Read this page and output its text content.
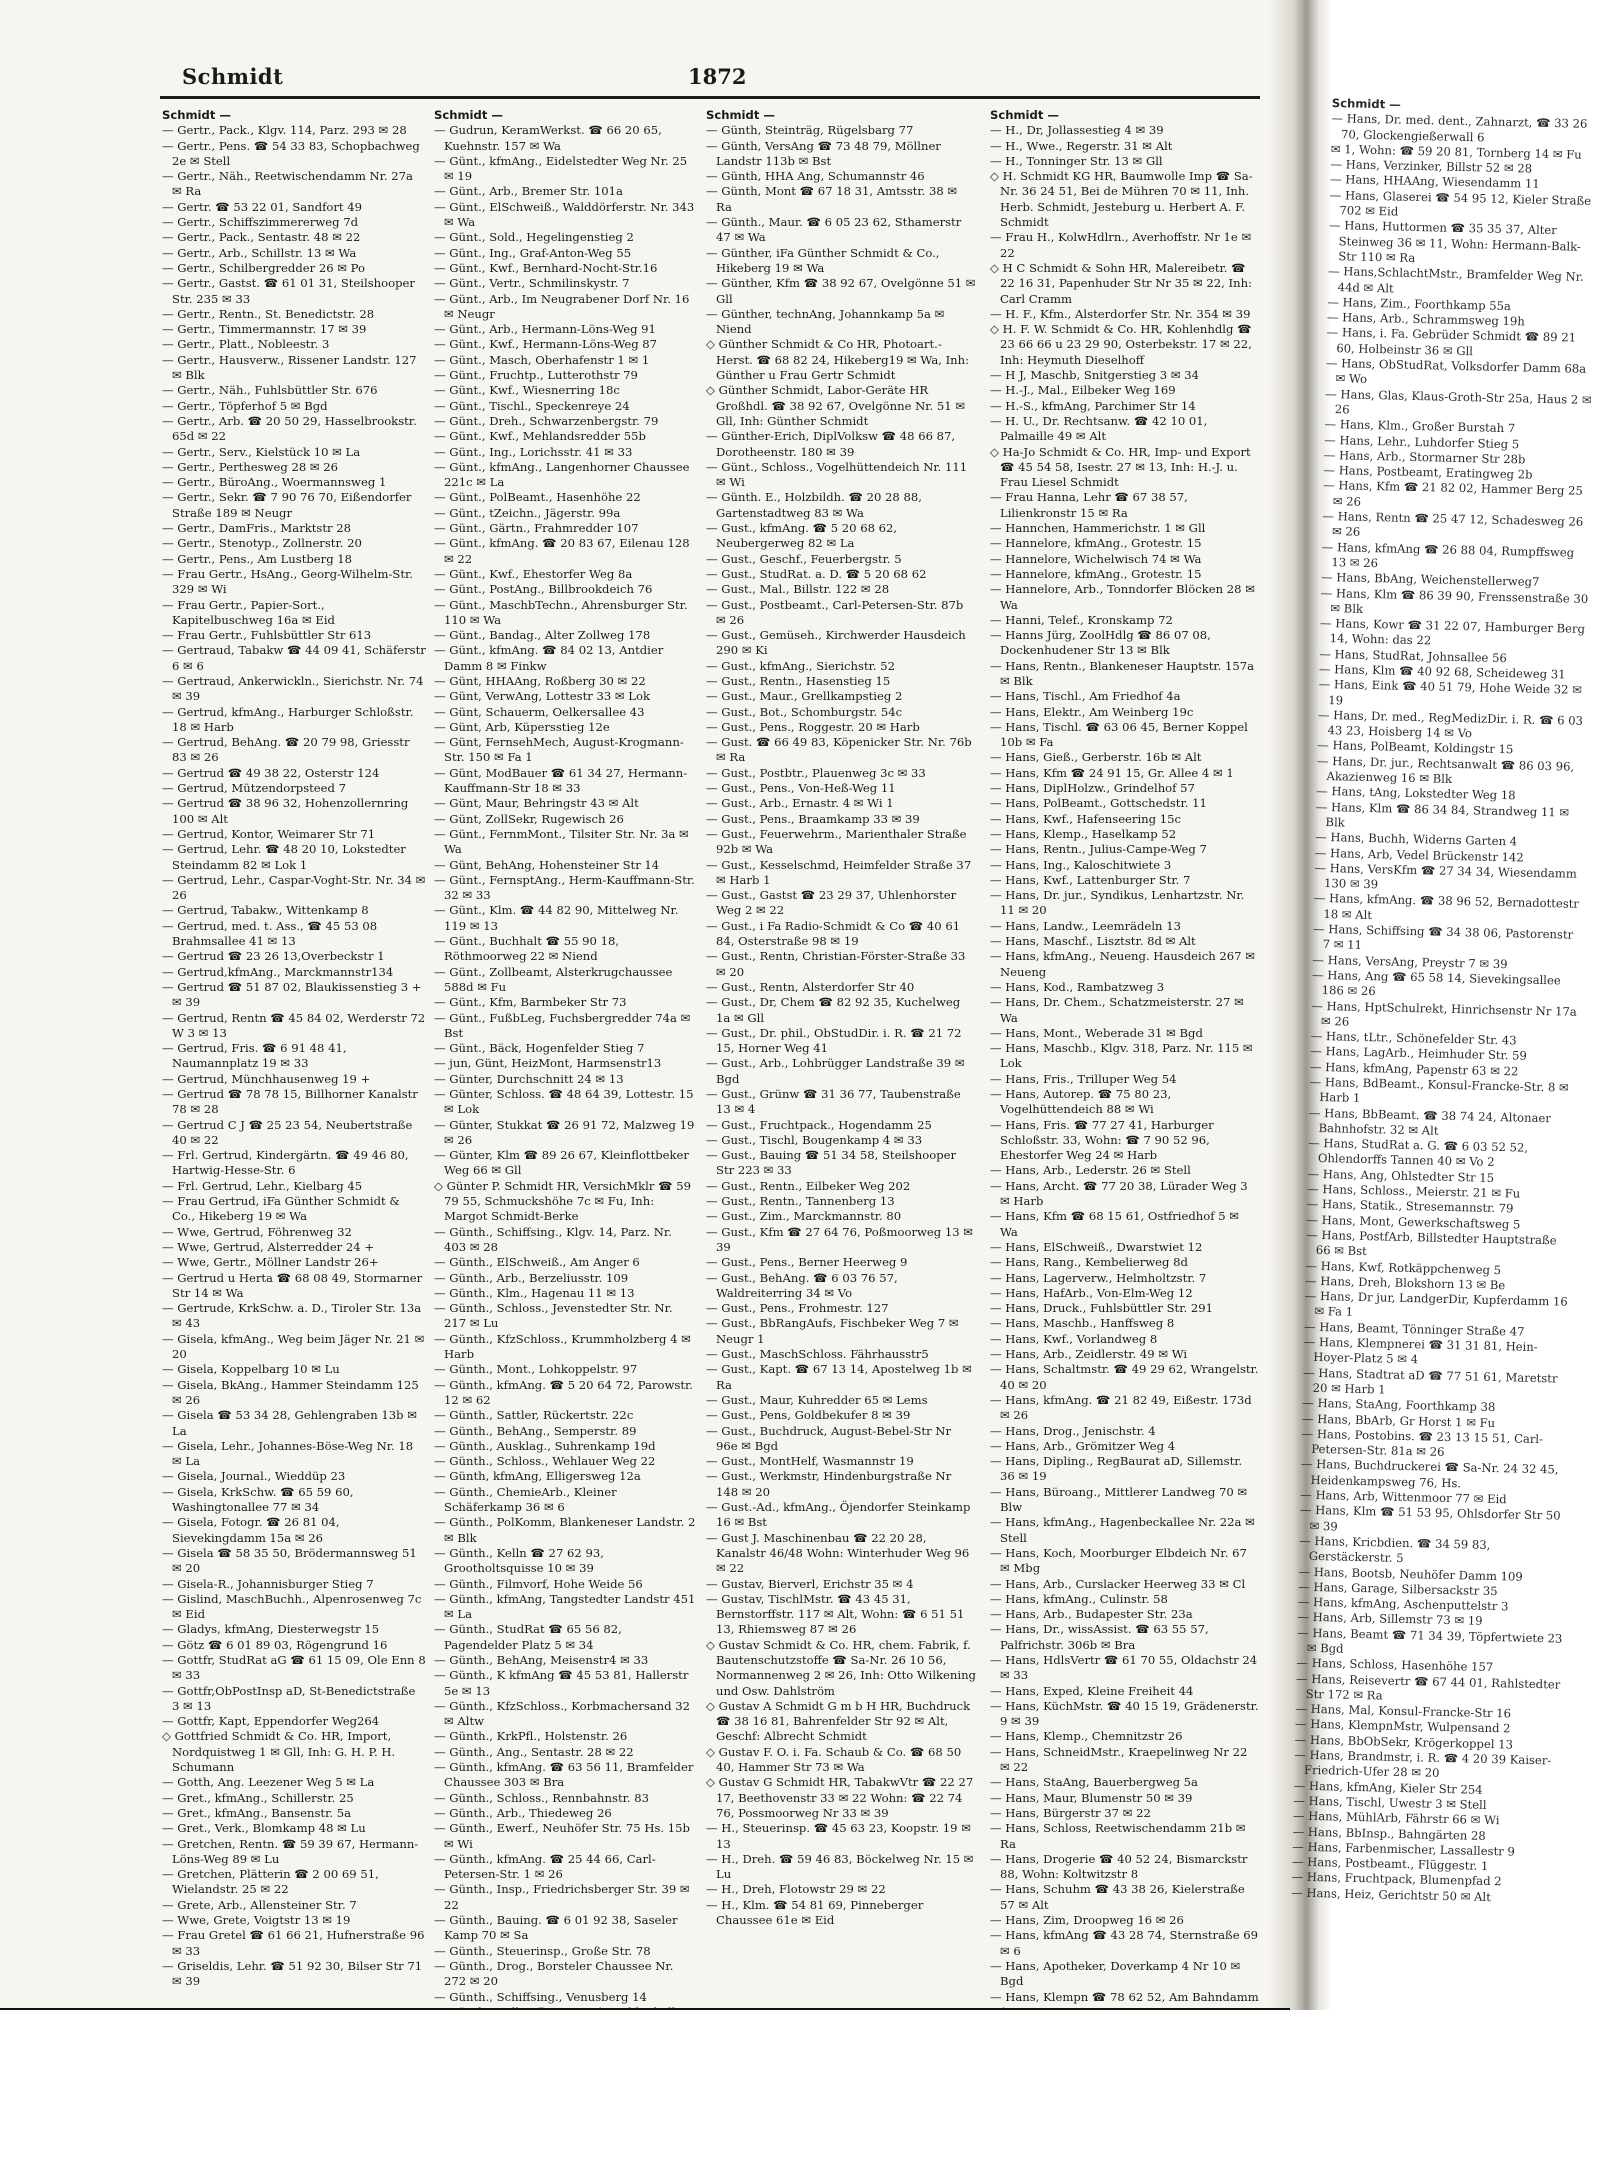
Schmidt	1872
Schmidt —

— Gertr., Pack., Klgv. 114, Parz. 293 ✉ 28

— Gertr., Pens. ☎ 54 33 83, Schopbachweg 2e ✉ Stell

— Gertr., Näh., Reetwischendamm Nr. 27a ✉ Ra

— Gertr. ☎ 53 22 01, Sandfort 49

— Gertr., Schiffszimmererweg 7d

— Gertr., Pack., Sentastr. 48 ✉ 22

— Gertr., Arb., Schillstr. 13 ✉ Wa

— Gertr., Schilbergredder 26 ✉ Po

— Gertr., Gastst. ☎ 61 01 31, Steilshooper Str. 235 ✉ 33

— Gertr., Rentn., St. Benedictstr. 28

— Gertr., Timmermannstr. 17 ✉ 39

— Gertr., Platt., Nobleestr. 3

— Gertr., Hausverw., Rissener Landstr. 127 ✉ Blk

— Gertr., Näh., Fuhlsbüttler Str. 676

— Gertr., Töpferhof 5 ✉ Bgd

— Gertr., Arb. ☎ 20 50 29, Hasselbrookstr. 65d ✉ 22

— Gertr., Serv., Kielstück 10 ✉ La

— Gertr., Perthesweg 28 ✉ 26

— Gertr., BüroAng., Woermannsweg 1

— Gertr., Sekr. ☎ 7 90 76 70, Eißendorfer Straße 189 ✉ Neugr

— Gertr., DamFris., Marktstr 28

— Gertr., Stenotyp., Zollnerstr. 20

— Gertr., Pens., Am Lustberg 18

— Frau Gertr., HsAng., Georg-Wilhelm-Str. 329 ✉ Wi

— Frau Gertr., Papier-Sort., Kapitelbuschweg 16a ✉ Eid

— Frau Gertr., Fuhlsbüttler Str 613

— Gertraud, Tabakw ☎ 44 09 41, Schäferstr 6 ✉ 6

— Gertraud, Ankerwickln., Sierichstr. Nr. 74 ✉ 39

— Gertrud, kfmAng., Harburger Schloßstr. 18 ✉ Harb

— Gertrud, BehAng. ☎ 20 79 98, Griesstr 83 ✉ 26

— Gertrud ☎ 49 38 22, Osterstr 124

— Gertrud, Mützendorpsteed 7

— Gertrud ☎ 38 96 32, Hohenzollernring 100 ✉ Alt

— Gertrud, Kontor, Weimarer Str 71

— Gertrud, Lehr. ☎ 48 20 10, Lokstedter Steindamm 82 ✉ Lok 1

— Gertrud, Lehr., Caspar-Voght-Str. Nr. 34 ✉ 26

— Gertrud, Tabakw., Wittenkamp 8

— Gertrud, med. t. Ass., ☎ 45 53 08 Brahmsallee 41 ✉ 13

— Gertrud ☎ 23 26 13,Overbeckstr 1

— Gertrud,kfmAng., Marckmannstr134

— Gertrud ☎ 51 87 02, Blaukissenstieg 3 + ✉ 39

— Gertrud, Rentn ☎ 45 84 02, Werderstr 72 W 3 ✉ 13

— Gertrud, Fris. ☎ 6 91 48 41, Naumannplatz 19 ✉ 33

— Gertrud, Münchhausenweg 19 +

— Gertrud ☎ 78 78 15, Billhorner Kanalstr 78 ✉ 28

— Gertrud C J ☎ 25 23 54, Neubertstraße 40 ✉ 22

— Frl. Gertrud, Kindergärtn. ☎ 49 46 80, Hartwig-Hesse-Str. 6

— Frl. Gertrud, Lehr., Kielbarg 45

— Frau Gertrud, iFa Günther Schmidt & Co., Hikeberg 19 ✉ Wa

— Wwe, Gertrud, Föhrenweg 32

— Wwe, Gertrud, Alsterredder 24 +

— Wwe, Gertr., Möllner Landstr 26+

— Gertrud u Herta ☎ 68 08 49, Stormarner Str 14 ✉ Wa

— Gertrude, KrkSchw. a. D., Tiroler Str. 13a ✉ 43

— Gisela, kfmAng., Weg beim Jäger Nr. 21 ✉ 20

— Gisela, Koppelbarg 10 ✉ Lu

— Gisela, BkAng., Hammer Steindamm 125 ✉ 26

— Gisela ☎ 53 34 28, Gehlengraben 13b ✉ La

— Gisela, Lehr., Johannes-Böse-Weg Nr. 18 ✉ La

— Gisela, Journal., Wieddüp 23

— Gisela, KrkSchw. ☎ 65 59 60, Washingtonallee 77 ✉ 34

— Gisela, Fotogr. ☎ 26 81 04, Sievekingdamm 15a ✉ 26

— Gisela ☎ 58 35 50, Brödermannsweg 51 ✉ 20

— Gisela-R., Johannisburger Stieg 7

— Gislind, MaschBuchh., Alpenrosenweg 7c ✉ Eid

— Gladys, kfmAng, Diesterwegstr 15

— Götz ☎ 6 01 89 03, Rögengrund 16

— Gottfr, StudRat aG ☎ 61 15 09, Ole Enn 8 ✉ 33

— Gottfr,ObPostInsp aD, St-Benedictstraße 3 ✉ 13

— Gottfr, Kapt, Eppendorfer Weg264

◇ Gottfried Schmidt & Co. HR, Import, Nordquistweg 1 ✉ Gll, Inh: G. H. P. H. Schumann

— Gotth, Ang. Leezener Weg 5 ✉ La

— Gret., kfmAng., Schillerstr. 25

— Gret., kfmAng., Bansenstr. 5a

— Gret., Verk., Blomkamp 48 ✉ Lu

— Gretchen, Rentn. ☎ 59 39 67, Hermann-Löns-Weg 89 ✉ Lu

— Gretchen, Plätterin ☎ 2 00 69 51, Wielandstr. 25 ✉ 22

— Grete, Arb., Allensteiner Str. 7

— Wwe, Grete, Voigtstr 13 ✉ 19

— Frau Gretel ☎ 61 66 21, Hufnerstraße 96 ✉ 33

— Griseldis, Lehr. ☎ 51 92 30, Bilser Str 71 ✉ 39

Schmidt —

— Gudrun, KeramWerkst. ☎ 66 20 65, Kuehnstr. 157 ✉ Wa

— Günt., kfmAng., Eidelstedter Weg Nr. 25 ✉ 19

— Günt., Arb., Bremer Str. 101a

— Günt., ElSchweiß., Walddörferstr. Nr. 343 ✉ Wa

— Günt., Sold., Hegelingenstieg 2

— Günt., Ing., Graf-Anton-Weg 55

— Günt., Kwf., Bernhard-Nocht-Str.16

— Günt., Vertr., Schmilinskystr. 7

— Günt., Arb., Im Neugrabener Dorf Nr. 16 ✉ Neugr

— Günt., Arb., Hermann-Löns-Weg 91

— Günt., Kwf., Hermann-Löns-Weg 87

— Günt., Masch, Oberhafenstr 1 ✉ 1

— Günt., Fruchtp., Lutterothstr 79

— Günt., Kwf., Wiesnerring 18c

— Günt., Tischl., Speckenreye 24

— Günt., Dreh., Schwarzenbergstr. 79

— Günt., Kwf., Mehlandsredder 55b

— Günt., Ing., Lorichsstr. 41 ✉ 33

— Günt., kfmAng., Langenhorner Chaussee 221c ✉ La

— Günt., PolBeamt., Hasenhöhe 22

— Günt., tZeichn., Jägerstr. 99a

— Günt., Gärtn., Frahmredder 107

— Günt., kfmAng. ☎ 20 83 67, Eilenau 128 ✉ 22

— Günt., Kwf., Ehestorfer Weg 8a

— Günt., PostAng., Billbrookdeich 76

— Günt., MaschbTechn., Ahrensburger Str. 110 ✉ Wa

— Günt., Bandag., Alter Zollweg 178

— Günt., kfmAng. ☎ 84 02 13, Antdier Damm 8 ✉ Finkw

— Günt, HHAAng, Roßberg 30 ✉ 22

— Günt, VerwAng, Lottestr 33 ✉ Lok

— Günt, Schauerm, Oelkersallee 43

— Günt, Arb, Küpersstieg 12e

— Günt, FernsehMech, August-Krogmann-Str. 150 ✉ Fa 1

— Günt, ModBauer ☎ 61 34 27, Hermann-Kauffmann-Str 18 ✉ 33

— Günt, Maur, Behringstr 43 ✉ Alt

— Günt, ZollSekr, Rugewisch 26

— Günt., FernmMont., Tilsiter Str. Nr. 3a ✉ Wa

— Günt, BehAng, Hohensteiner Str 14

— Günt., FernsptAng., Herm-Kauffmann-Str. 32 ✉ 33

— Günt., Klm. ☎ 44 82 90, Mittelweg Nr. 119 ✉ 13

— Günt., Buchhalt ☎ 55 90 18, Röthmoorweg 22 ✉ Niend

— Günt., Zollbeamt, Alsterkrugchaussee 588d ✉ Fu

— Günt., Kfm, Barmbeker Str 73

— Günt., FußbLeg, Fuchsbergredder 74a ✉ Bst

— Günt., Bäck, Hogenfelder Stieg 7

— jun, Günt, HeizMont, Harmsenstr13

— Günter, Durchschnitt 24 ✉ 13

— Günter, Schloss. ☎ 48 64 39, Lottestr. 15 ✉ Lok

— Günter, Stukkat ☎ 26 91 72, Malzweg 19 ✉ 26

— Günter, Klm ☎ 89 26 67, Kleinflottbeker Weg 66 ✉ Gll

◇ Günter P. Schmidt HR, VersichMklr ☎ 59 79 55, Schmuckshöhe 7c ✉ Fu, Inh: Margot Schmidt-Berke

— Günth., Schiffsing., Klgv. 14, Parz. Nr. 403 ✉ 28

— Günth., ElSchweiß., Am Anger 6

— Günth., Arb., Berzeliusstr. 109

— Günth., Klm., Hagenau 11 ✉ 13

— Günth., Schloss., Jevenstedter Str. Nr. 217 ✉ Lu

— Günth., KfzSchloss., Krummholzberg 4 ✉ Harb

— Günth., Mont., Lohkoppelstr. 97

— Günth., kfmAng. ☎ 5 20 64 72, Parowstr. 12 ✉ 62

— Günth., Sattler, Rückertstr. 22c

— Günth., BehAng., Semperstr. 89

— Günth., Ausklag., Suhrenkamp 19d

— Günth., Schloss., Wehlauer Weg 22

— Günth, kfmAng, Elligersweg 12a

— Günth., ChemieArb., Kleiner Schäferkamp 36 ✉ 6

— Günth., PolKomm, Blankeneser Landstr. 2 ✉ Blk

— Günth., Kelln ☎ 27 62 93, Grootholtsquisse 10 ✉ 39

— Günth., Filmvorf, Hohe Weide 56

— Günth., kfmAng, Tangstedter Landstr 451 ✉ La

— Günth., StudRat ☎ 65 56 82, Pagendelder Platz 5 ✉ 34

— Günth., BehAng, Meisenstr4 ✉ 33

— Günth., K kfmAng ☎ 45 53 81, Hallerstr 5e ✉ 13

— Günth., KfzSchloss., Korbmachersand 32 ✉ Altw

— Günth., KrkPfl., Holstenstr. 26

— Günth., Ang., Sentastr. 28 ✉ 22

— Günth., kfmAng. ☎ 63 56 11, Bramfelder Chaussee 303 ✉ Bra

— Günth., Schloss., Rennbahnstr. 83

— Günth., Arb., Thiedeweg 26

— Günth., Ewerf., Neuhöfer Str. 75 Hs. 15b ✉ Wi

— Günth., kfmAng. ☎ 25 44 66, Carl-Petersen-Str. 1 ✉ 26

— Günth., Insp., Friedrichsberger Str. 39 ✉ 22

— Günth., Bauing. ☎ 6 01 92 38, Saseler Kamp 70 ✉ Sa

— Günth., Steuerinsp., Große Str. 78

— Günth., Drog., Borsteler Chaussee Nr. 272 ✉ 20

— Günth., Schiffsing., Venusberg 14

Schmidt —

— Günth, Steinträg, Rügelsbarg 77

— Günth, VersAng ☎ 73 48 79, Möllner Landstr 113b ✉ Bst

— Günth, HHA Ang, Schumannstr 46

— Günth, Mont ☎ 67 18 31, Amtsstr. 38 ✉ Ra

— Günth., Maur. ☎ 6 05 23 62, Sthamerstr 47 ✉ Wa

— Günther, iFa Günther Schmidt & Co., Hikeberg 19 ✉ Wa

— Günther, Kfm ☎ 38 92 67, Ovelgönne 51 ✉ Gll

— Günther, technAng, Johannkamp 5a ✉ Niend

◇ Günther Schmidt & Co HR, Photoart.-Herst. ☎ 68 82 24, Hikeberg19 ✉ Wa, Inh: Günther u Frau Gertr Schmidt

◇ Günther Schmidt, Labor-Geräte HR Großhdl. ☎ 38 92 67, Ovelgönne Nr. 51 ✉ Gll, Inh: Günther Schmidt

— Günther-Erich, DiplVolksw ☎ 48 66 87, Dorotheenstr. 180 ✉ 39

— Günt., Schloss., Vogelhüttendeich Nr. 111 ✉ Wi

— Günth. E., Holzbildh. ☎ 20 28 88, Gartenstadtweg 83 ✉ Wa

— Gust., kfmAng. ☎ 5 20 68 62, Neubergerweg 82 ✉ La

— Gust., Geschf., Feuerbergstr. 5

— Gust., StudRat. a. D. ☎ 5 20 68 62

— Gust., Mal., Billstr. 122 ✉ 28

— Gust., Postbeamt., Carl-Petersen-Str. 87b ✉ 26

— Gust., Gemüseh., Kirchwerder Hausdeich 290 ✉ Ki

— Gust., kfmAng., Sierichstr. 52

— Gust., Rentn., Hasenstieg 15

— Gust., Maur., Grellkampstieg 2

— Gust., Bot., Schomburgstr. 54c

— Gust., Pens., Roggestr. 20 ✉ Harb

— Gust. ☎ 66 49 83, Köpenicker Str. Nr. 76b ✉ Ra

— Gust., Postbtr., Plauenweg 3c ✉ 33

— Gust., Pens., Von-Heß-Weg 11

— Gust., Arb., Ernastr. 4 ✉ Wi 1

— Gust., Pens., Braamkamp 33 ✉ 39

— Gust., Feuerwehrm., Marienthaler Straße 92b ✉ Wa

— Gust., Kesselschmd, Heimfelder Straße 37 ✉ Harb 1

— Gust., Gastst ☎ 23 29 37, Uhlenhorster Weg 2 ✉ 22

— Gust., i Fa Radio-Schmidt & Co ☎ 40 61 84, Osterstraße 98 ✉ 19

— Gust., Rentn, Christian-Förster-Straße 33 ✉ 20

— Gust., Rentn, Alsterdorfer Str 40

— Gust., Dr, Chem ☎ 82 92 35, Kuchelweg 1a ✉ Gll

— Gust., Dr. phil., ObStudDir. i. R. ☎ 21 72 15, Horner Weg 41

— Gust., Arb., Lohbrügger Landstraße 39 ✉ Bgd

— Gust., Grünw ☎ 31 36 77, Taubenstraße 13 ✉ 4

— Gust., Fruchtpack., Hogendamm 25

— Gust., Tischl, Bougenkamp 4 ✉ 33

— Gust., Bauing ☎ 51 34 58, Steilshooper Str 223 ✉ 33

— Gust., Rentn., Eilbeker Weg 202

— Gust., Rentn., Tannenberg 13

— Gust., Zim., Marckmannstr. 80

— Gust., Kfm ☎ 27 64 76, Poßmoorweg 13 ✉ 39

— Gust., Pens., Berner Heerweg 9

— Gust., BehAng. ☎ 6 03 76 57, Waldreiterring 34 ✉ Vo

— Gust., Pens., Frohmestr. 127

— Gust., BbRangAufs, Fischbeker Weg 7 ✉ Neugr 1

— Gust., MaschSchloss. Fährhausstr5

— Gust., Kapt. ☎ 67 13 14, Apostelweg 1b ✉ Ra

— Gust., Maur, Kuhredder 65 ✉ Lems

— Gust., Pens, Goldbekufer 8 ✉ 39

— Gust., Buchdruck, August-Bebel-Str Nr 96e ✉ Bgd

— Gust., MontHelf, Wasmannstr 19

— Gust., Werkmstr, Hindenburgstraße Nr 148 ✉ 20

— Gust.-Ad., kfmAng., Öjendorfer Steinkamp 16 ✉ Bst

— Gust J. Maschinenbau ☎ 22 20 28, Kanalstr 46/48 Wohn: Winterhuder Weg 96 ✉ 22

— Gustav, Bierverl, Erichstr 35 ✉ 4

— Gustav, TischlMstr. ☎ 43 45 31, Bernstorffstr. 117 ✉ Alt, Wohn: ☎ 6 51 51 13, Rhiemsweg 87 ✉ 26

◇ Gustav Schmidt & Co. HR, chem. Fabrik, f. Bautenschutzstoffe ☎ Sa-Nr. 26 10 56, Normannenweg 2 ✉ 26, Inh: Otto Wilkening und Osw. Dahlström

◇ Gustav A Schmidt G m b H HR, Buchdruck ☎ 38 16 81, Bahrenfelder Str 92 ✉ Alt, Geschf: Albrecht Schmidt

◇ Gustav F. O. i. Fa. Schaub & Co. ☎ 68 50 40, Hammer Str 73 ✉ Wa

◇ Gustav G Schmidt HR, TabakwVtr ☎ 22 27 17, Beethovenstr 33 ✉ 22 Wohn: ☎ 22 74 76, Possmoorweg Nr 33 ✉ 39

— H., Steuerinsp. ☎ 45 63 23, Koopstr. 19 ✉ 13

— H., Dreh. ☎ 59 46 83, Böckelweg Nr. 15 ✉ Lu

— H., Dreh, Flotowstr 29 ✉ 22

— H., Klm. ☎ 54 81 69, Pinneberger Chaussee 61e ✉ Eid

Schmidt —

— H., Dr, Jollassestieg 4 ✉ 39

— H., Wwe., Regerstr. 31 ✉ Alt

— H., Tonninger Str. 13 ✉ Gll

◇ H. Schmidt KG HR, Baumwolle Imp ☎ Sa-Nr. 36 24 51, Bei de Mühren 70 ✉ 11, Inh. Herb. Schmidt, Jesteburg u. Herbert A. F. Schmidt

— Frau H., KolwHdlrn., Averhoffstr. Nr 1e ✉ 22

◇ H C Schmidt & Sohn HR, Malereibetr. ☎ 22 16 31, Papenhuder Str Nr 35 ✉ 22, Inh: Carl Cramm

— H. F., Kfm., Alsterdorfer Str. Nr. 354 ✉ 39

◇ H. F. W. Schmidt & Co. HR, Kohlenhdlg ☎ 23 66 66 u 23 29 90, Osterbekstr. 17 ✉ 22, Inh: Heymuth Dieselhoff

— H J, Maschb, Snitgerstieg 3 ✉ 34

— H.-J., Mal., Eilbeker Weg 169

— H.-S., kfmAng, Parchimer Str 14

— H. U., Dr. Rechtsanw. ☎ 42 10 01, Palmaille 49 ✉ Alt

◇ Ha-Jo Schmidt & Co. HR, Imp- und Export ☎ 45 54 58, Isestr. 27 ✉ 13, Inh: H.-J. u. Frau Liesel Schmidt

— Frau Hanna, Lehr ☎ 67 38 57, Lilienkronstr 15 ✉ Ra

— Hannchen, Hammerichstr. 1 ✉ Gll

— Hannelore, kfmAng., Grotestr. 15

— Hannelore, Wichelwisch 74 ✉ Wa

— Hannelore, kfmAng., Grotestr. 15

— Hannelore, Arb., Tonndorfer Blöcken 28 ✉ Wa

— Hanni, Telef., Kronskamp 72

— Hanns Jürg, ZoolHdlg ☎ 86 07 08, Dockenhudener Str 13 ✉ Blk

— Hans, Rentn., Blankeneser Hauptstr. 157a ✉ Blk

— Hans, Tischl., Am Friedhof 4a

— Hans, Elektr., Am Weinberg 19c

— Hans, Tischl. ☎ 63 06 45, Berner Koppel 10b ✉ Fa

— Hans, Gieß., Gerberstr. 16b ✉ Alt

— Hans, Kfm ☎ 24 91 15, Gr. Allee 4 ✉ 1

— Hans, DiplHolzw., Grindelhof 57

— Hans, PolBeamt., Gottschedstr. 11

— Hans, Kwf., Hafenseering 15c

— Hans, Klemp., Haselkamp 52

— Hans, Rentn., Julius-Campe-Weg 7

— Hans, Ing., Kaloschitwiete 3

— Hans, Kwf., Lattenburger Str. 7

— Hans, Dr. jur., Syndikus, Lenhartzstr. Nr. 11 ✉ 20

— Hans, Landw., Leemrädeln 13

— Hans, Maschf., Lisztstr. 8d ✉ Alt

— Hans, kfmAng., Neueng. Hausdeich 267 ✉ Neueng

— Hans, Kod., Rambatzweg 3

— Hans, Dr. Chem., Schatzmeisterstr. 27 ✉ Wa

— Hans, Mont., Weberade 31 ✉ Bgd

— Hans, Maschb., Klgv. 318, Parz. Nr. 115 ✉ Lok

— Hans, Fris., Trilluper Weg 54

— Hans, Autorep. ☎ 75 80 23, Vogelhüttendeich 88 ✉ Wi

— Hans, Fris. ☎ 77 27 41, Harburger Schloßstr. 33, Wohn: ☎ 7 90 52 96, Ehestorfer Weg 24 ✉ Harb

— Hans, Arb., Lederstr. 26 ✉ Stell

— Hans, Archt. ☎ 77 20 38, Lürader Weg 3 ✉ Harb

— Hans, Kfm ☎ 68 15 61, Ostfriedhof 5 ✉ Wa

— Hans, ElSchweiß., Dwarstwiet 12

— Hans, Rang., Kembelierweg 8d

— Hans, Lagerverw., Helmholtzstr. 7

— Hans, HafArb., Von-Elm-Weg 12

— Hans, Druck., Fuhlsbüttler Str. 291

— Hans, Maschb., Hanffsweg 8

— Hans, Kwf., Vorlandweg 8

— Hans, Arb., Zeidlerstr. 49 ✉ Wi

— Hans, Schaltmstr. ☎ 49 29 62, Wrangelstr. 40 ✉ 20

— Hans, kfmAng. ☎ 21 82 49, Eißestr. 173d ✉ 26

— Hans, Drog., Jenischstr. 4

— Hans, Arb., Grömitzer Weg 4

— Hans, Dipling., RegBaurat aD, Sillemstr. 36 ✉ 19

— Hans, Büroang., Mittlerer Landweg 70 ✉ Blw

— Hans, kfmAng., Hagenbeckallee Nr. 22a ✉ Stell

— Hans, Koch, Moorburger Elbdeich Nr. 67 ✉ Mbg

— Hans, Arb., Curslacker Heerweg 33 ✉ Cl

— Hans, kfmAng., Culinstr. 58

— Hans, Arb., Budapester Str. 23a

— Hans, Dr., wissAssist. ☎ 63 55 57, Palfrichstr. 306b ✉ Bra

— Hans, HdlsVertr ☎ 61 70 55, Oldachstr 24 ✉ 33

— Hans, Exped, Kleine Freiheit 44

— Hans, KüchMstr. ☎ 40 15 19, Grädenerstr. 9 ✉ 39

— Hans, Klemp., Chemnitzstr 26

— Hans, SchneidMstr., Kraepelinweg Nr 22 ✉ 22

— Hans, StaAng, Bauerbergweg 5a

— Hans, Maur, Blumenstr 50 ✉ 39

— Hans, Bürgerstr 37 ✉ 22

— Hans, Schloss, Reetwischendamm 21b ✉ Ra

— Hans, Drogerie ☎ 40 52 24, Bismarckstr 88, Wohn: Koltwitzstr 8

— Hans, Schuhm ☎ 43 38 26, Kielerstraße 57 ✉ Alt

— Hans, Zim, Droopweg 16 ✉ 26

— Hans, kfmAng ☎ 43 28 74, Sternstraße 69 ✉ 6

— Hans, Apotheker, Doverkamp 4 Nr 10 ✉ Bgd

— Hans, Klempn ☎ 78 62 52, Am Bahndamm

Schmidt —

— Hans, Dr. med. dent., Zahnarzt, ☎ 33 26 70, Glockengießerwall 6

✉ 1, Wohn: ☎ 59 20 81, Tornberg 14 ✉ Fu

— Hans, Verzinker, Billstr 52 ✉ 28

— Hans, HHAAng, Wiesendamm 11

— Hans, Glaserei ☎ 54 95 12, Kieler Straße 702 ✉ Eid

— Hans, Huttormen ☎ 35 35 37, Alter Steinweg 36 ✉ 11, Wohn: Hermann-Balk-Str 110 ✉ Ra

— Hans,SchlachtMstr., Bramfelder Weg Nr. 44d ✉ Alt

— Hans, Zim., Foorthkamp 55a

— Hans, Arb., Schrammsweg 19h

— Hans, i. Fa. Gebrüder Schmidt ☎ 89 21 60, Holbeinstr 36 ✉ Gll

— Hans, ObStudRat, Volksdorfer Damm 68a ✉ Wo

— Hans, Glas, Klaus-Groth-Str 25a, Haus 2 ✉ 26

— Hans, Klm., Großer Burstah 7

— Hans, Lehr., Luhdorfer Stieg 5

— Hans, Arb., Stormarner Str 28b

— Hans, Postbeamt, Eratingweg 2b

— Hans, Kfm ☎ 21 82 02, Hammer Berg 25 ✉ 26

— Hans, Rentn ☎ 25 47 12, Schadesweg 26 ✉ 26

— Hans, kfmAng ☎ 26 88 04, Rumpffsweg 13 ✉ 26

— Hans, BbAng, Weichenstellerweg7

— Hans, Klm ☎ 86 39 90, Frenssenstraße 30 ✉ Blk

— Hans, Kowr ☎ 31 22 07, Hamburger Berg 14, Wohn: das 22

— Hans, StudRat, Johnsallee 56

— Hans, Klm ☎ 40 92 68, Scheideweg 31

— Hans, Eink ☎ 40 51 79, Hohe Weide 32 ✉ 19

— Hans, Dr. med., RegMedizDir. i. R. ☎ 6 03 43 23, Hoisberg 14 ✉ Vo

— Hans, PolBeamt, Koldingstr 15

— Hans, Dr. jur., Rechtsanwalt ☎ 86 03 96, Akazienweg 16 ✉ Blk

— Hans, tAng, Lokstedter Weg 18

— Hans, Klm ☎ 86 34 84, Strandweg 11 ✉ Blk

— Hans, Buchh, Widerns Garten 4

— Hans, Arb, Vedel Brückenstr 142

— Hans, VersKfm ☎ 27 34 34, Wiesendamm 130 ✉ 39

— Hans, kfmAng. ☎ 38 96 52, Bernadottestr 18 ✉ Alt

— Hans, Schiffsing ☎ 34 38 06, Pastorenstr 7 ✉ 11

— Hans, VersAng, Preystr 7 ✉ 39

— Hans, Ang ☎ 65 58 14, Sievekingsallee 186 ✉ 26

— Hans, HptSchulrekt, Hinrichsenstr Nr 17a ✉ 26

— Hans, tLtr., Schönefelder Str. 43

— Hans, LagArb., Heimhuder Str. 59

— Hans, kfmAng, Papenstr 63 ✉ 22

— Hans, BdBeamt., Konsul-Francke-Str. 8 ✉ Harb 1

— Hans, BbBeamt. ☎ 38 74 24, Altonaer Bahnhofstr. 32 ✉ Alt

— Hans, StudRat a. G. ☎ 6 03 52 52, Ohlendorffs Tannen 40 ✉ Vo 2

— Hans, Ang, Ohlstedter Str 15

— Hans, Schloss., Meierstr. 21 ✉ Fu

— Hans, Statik., Stresemannstr. 79

— Hans, Mont, Gewerkschaftsweg 5

— Hans, PostfArb, Billstedter Hauptstraße 66 ✉ Bst

— Hans, Kwf, Rotkäppchenweg 5

— Hans, Dreh, Blokshorn 13 ✉ Be

— Hans, Dr jur, LandgerDir, Kupferdamm 16 ✉ Fa 1

— Hans, Beamt, Tönninger Straße 47

— Hans, Klempnerei ☎ 31 31 81, Hein-Hoyer-Platz 5 ✉ 4

— Hans, Stadtrat aD ☎ 77 51 61, Maretstr 20 ✉ Harb 1

— Hans, StaAng, Foorthkamp 38

— Hans, BbArb, Gr Horst 1 ✉ Fu

— Hans, Postobins. ☎ 23 13 15 51, Carl-Petersen-Str. 81a ✉ 26

— Hans, Buchdruckerei ☎ Sa-Nr. 24 32 45, Heidenkampsweg 76, Hs.

— Hans, Arb, Wittenmoor 77 ✉ Eid

— Hans, Klm ☎ 51 53 95, Ohlsdorfer Str 50 ✉ 39

— Hans, Kricbdien. ☎ 34 59 83, Gerstäckerstr. 5

— Hans, Bootsb, Neuhöfer Damm 109

— Hans, Garage, Silbersackstr 35

— Hans, kfmAng, Aschenputtelstr 3

— Hans, Arb, Sillemstr 73 ✉ 19

— Hans, Beamt ☎ 71 34 39, Töpfertwiete 23 ✉ Bgd

— Hans, Schloss, Hasenhöhe 157

— Hans, Reisevertr ☎ 67 44 01, Rahlstedter Str 172 ✉ Ra

— Hans, Mal, Konsul-Francke-Str 16

— Hans, KlempnMstr, Wulpensand 2

— Hans, BbObSekr, Krögerkoppel 13

— Hans, Brandmstr, i. R. ☎ 4 20 39 Kaiser-Friedrich-Ufer 28 ✉ 20

— Hans, kfmAng, Kieler Str 254

— Hans, Tischl, Uwestr 3 ✉ Stell

— Hans, MühlArb, Fährstr 66 ✉ Wi

— Hans, BbInsp., Bahngärten 28

— Hans, Farbenmischer, Lassallestr 9

— Hans, Postbeamt., Flüggestr. 1

— Hans, Fruchtpack, Blumenpfad 2

— Hans, Heiz, Gerichtstr 50 ✉ Alt
